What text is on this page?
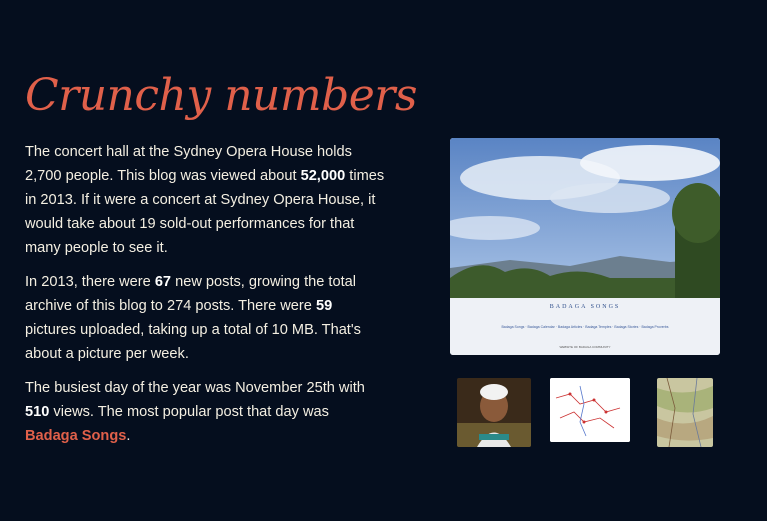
Crunchy numbers

The concert hall at the Sydney Opera House holds 2,700 people. This blog was viewed about 52,000 times in 2013. If it were a concert at Sydney Opera House, it would take about 19 sold-out performances for that many people to see it.

In 2013, there were 67 new posts, growing the total archive of this blog to 274 posts. There were 59 pictures uploaded, taking up a total of 10 MB. That's about a picture per week.

The busiest day of the year was November 25th with 510 views. The most popular post that day was Badaga Songs.

BADAGA SONGS
Badaga Songs · Badaga Calendar · Badaga Articles · Badaga Temples · Badaga Stories · Badaga Proverbs
WEBSITE OF BADAGA COMMUNITY
